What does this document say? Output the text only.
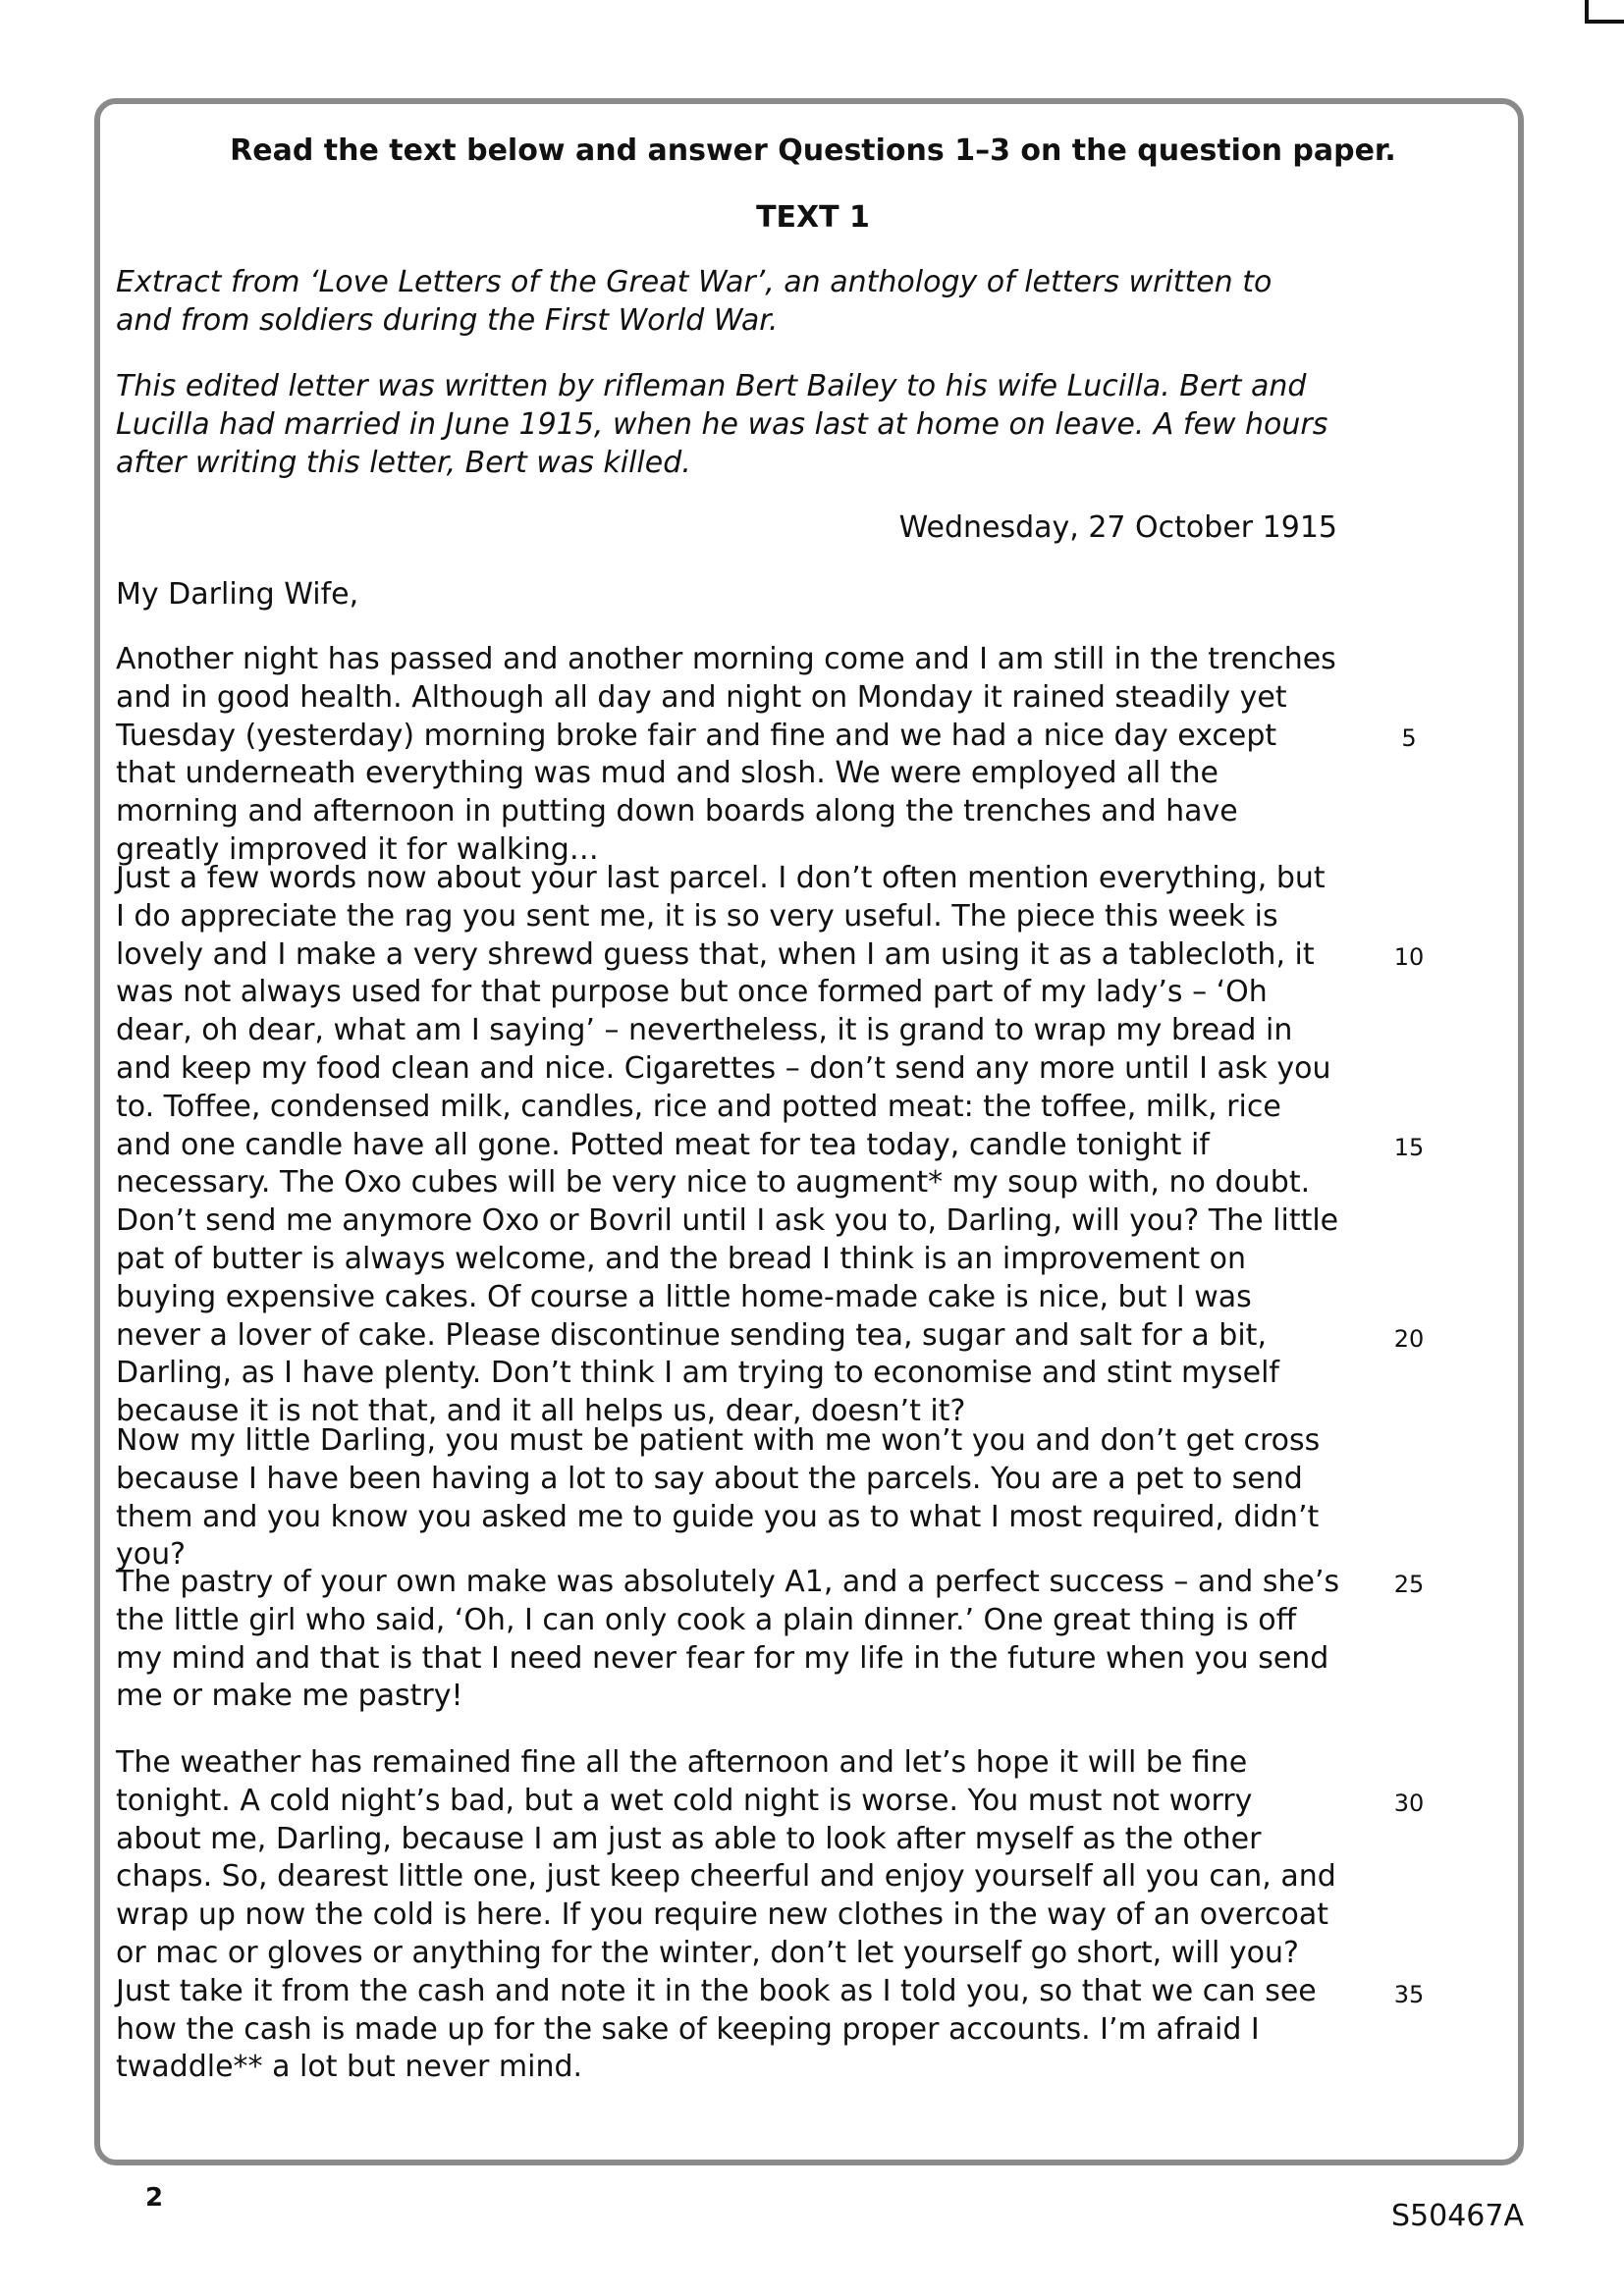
Read the text below and answer Questions 1–3 on the question paper.
TEXT 1

Extract from ‘Love Letters of the Great War’, an anthology of letters written to and from soldiers during the First World War.

This edited letter was written by rifleman Bert Bailey to his wife Lucilla. Bert and Lucilla had married in June 1915, when he was last at home on leave. A few hours after writing this letter, Bert was killed.

Wednesday, 27 October 1915
My Darling Wife,

Another night has passed and another morning come and I am still in the trenches and in good health. Although all day and night on Monday it rained steadily yet Tuesday (yesterday) morning broke fair and fine and we had a nice day except that underneath everything was mud and slosh. We were employed all the morning and afternoon in putting down boards along the trenches and have greatly improved it for walking…

Just a few words now about your last parcel. I don’t often mention everything, but I do appreciate the rag you sent me, it is so very useful. The piece this week is lovely and I make a very shrewd guess that, when I am using it as a tablecloth, it was not always used for that purpose but once formed part of my lady’s – ‘Oh dear, oh dear, what am I saying’ – nevertheless, it is grand to wrap my bread in and keep my food clean and nice. Cigarettes – don’t send any more until I ask you to. Toffee, condensed milk, candles, rice and potted meat: the toffee, milk, rice and one candle have all gone. Potted meat for tea today, candle tonight if necessary. The Oxo cubes will be very nice to augment* my soup with, no doubt. Don’t send me anymore Oxo or Bovril until I ask you to, Darling, will you? The little pat of butter is always welcome, and the bread I think is an improvement on buying expensive cakes. Of course a little home-made cake is nice, but I was never a lover of cake. Please discontinue sending tea, sugar and salt for a bit, Darling, as I have plenty. Don’t think I am trying to economise and stint myself because it is not that, and it all helps us, dear, doesn’t it?

Now my little Darling, you must be patient with me won’t you and don’t get cross because I have been having a lot to say about the parcels. You are a pet to send them and you know you asked me to guide you as to what I most required, didn’t you?

The pastry of your own make was absolutely A1, and a perfect success – and she’s the little girl who said, ‘Oh, I can only cook a plain dinner.’ One great thing is off my mind and that is that I need never fear for my life in the future when you send me or make me pastry!

The weather has remained fine all the afternoon and let’s hope it will be fine tonight. A cold night’s bad, but a wet cold night is worse. You must not worry about me, Darling, because I am just as able to look after myself as the other chaps. So, dearest little one, just keep cheerful and enjoy yourself all you can, and wrap up now the cold is here. If you require new clothes in the way of an overcoat or mac or gloves or anything for the winter, don’t let yourself go short, will you? Just take it from the cash and note it in the book as I told you, so that we can see how the cash is made up for the sake of keeping proper accounts. I’m afraid I twaddle** a lot but never mind.

5
10
15
20
25
30
35
2
S50467A
